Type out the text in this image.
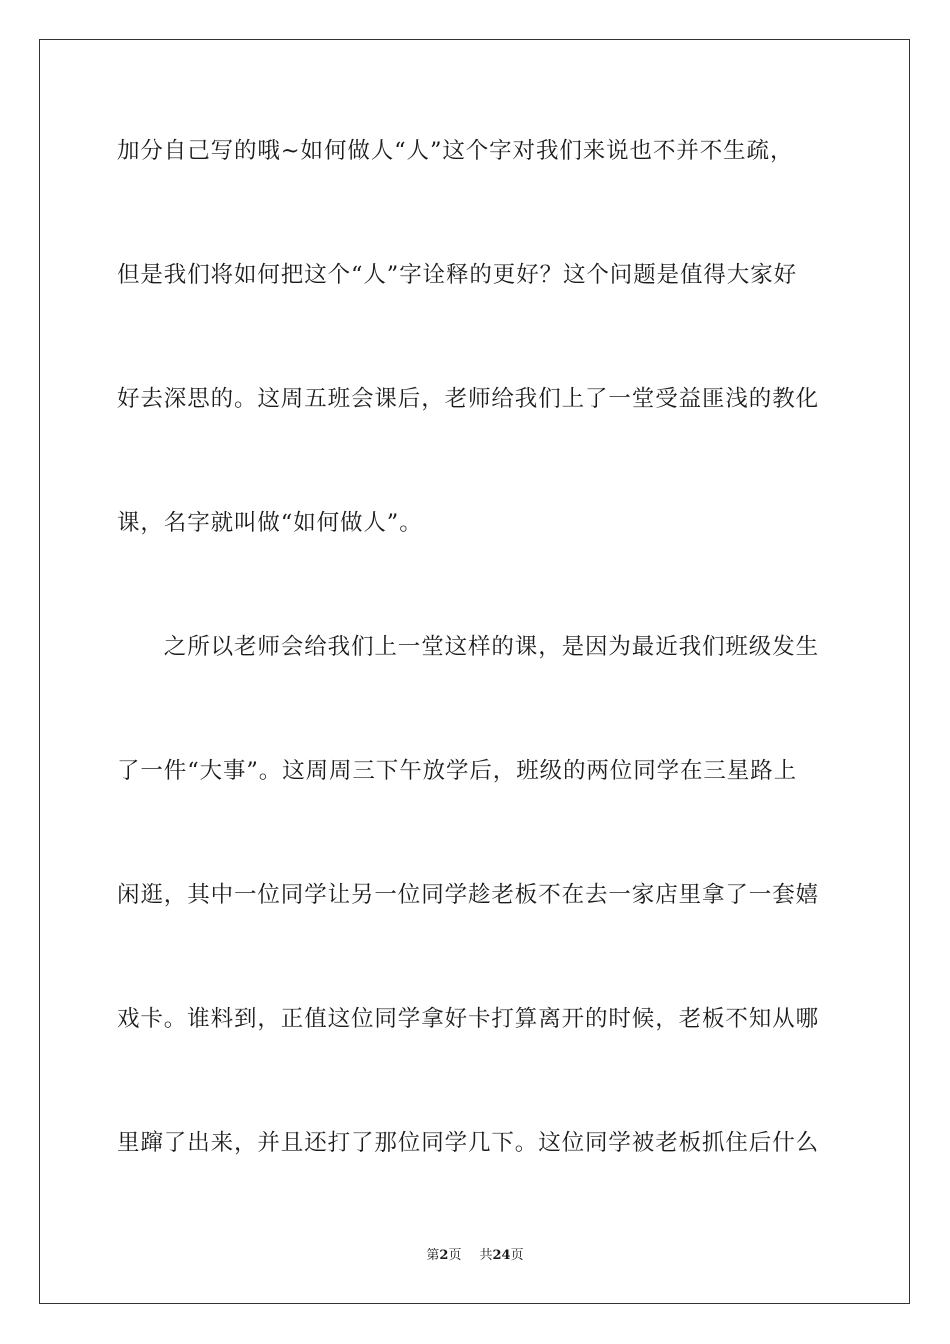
加分自己写的哦~如何做人“人”这个字对我们来说也不并不生疏，
但是我们将如何把这个“人”字诠释的更好？这个问题是值得大家好
好去深思的。这周五班会课后，老师给我们上了一堂受益匪浅的教化
课，名字就叫做“如何做人”。
　　之所以老师会给我们上一堂这样的课，是因为最近我们班级发生
了一件“大事”。这周周三下午放学后，班级的两位同学在三星路上
闲逛，其中一位同学让另一位同学趁老板不在去一家店里拿了一套嬉
戏卡。谁料到，正值这位同学拿好卡打算离开的时候，老板不知从哪
里蹿了出来，并且还打了那位同学几下。这位同学被老板抓住后什么
第2页 共24页
